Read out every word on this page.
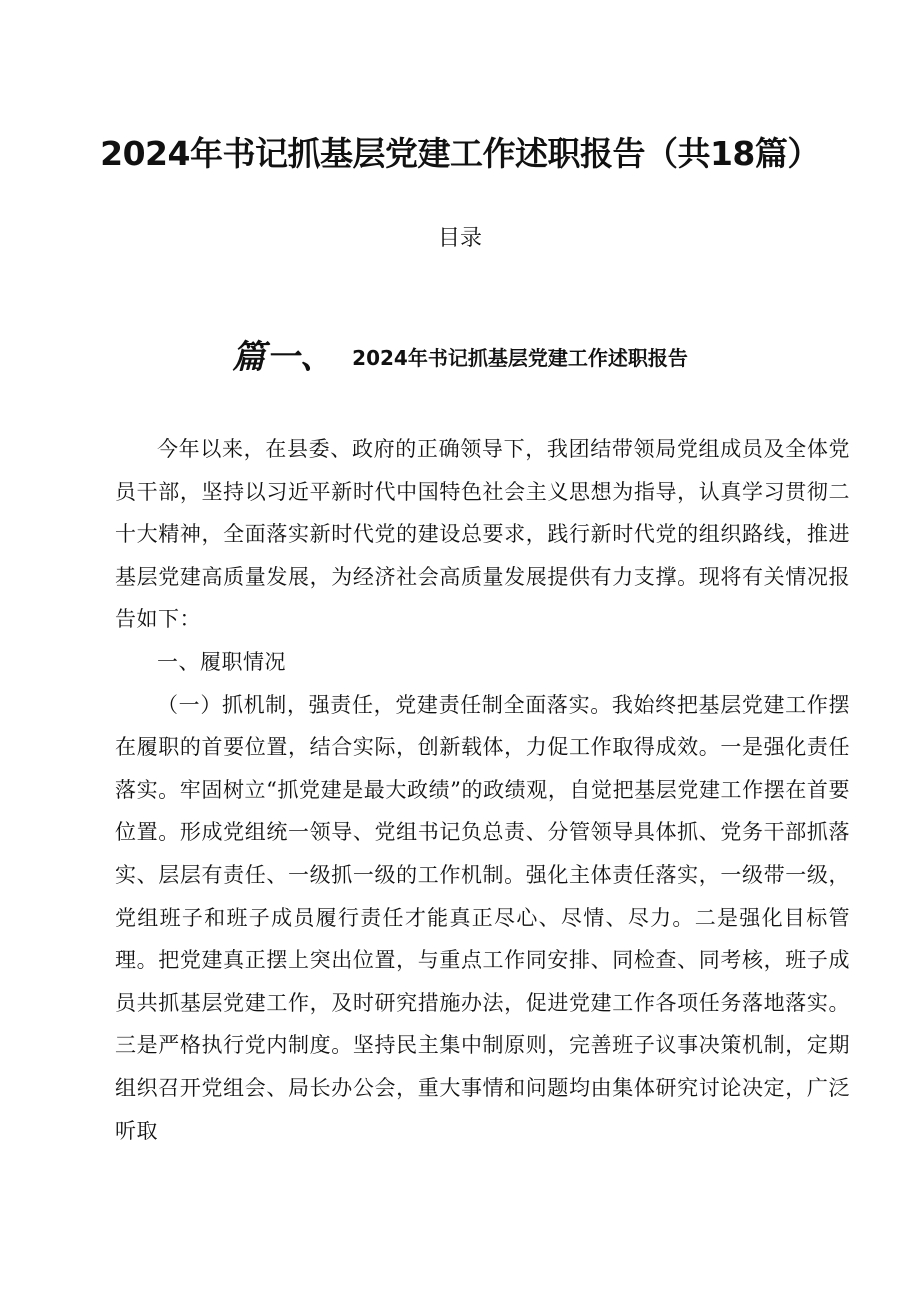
2024年书记抓基层党建工作述职报告（共18篇）
目录
篇一、 2024年书记抓基层党建工作述职报告

今年以来，在县委、政府的正确领导下，我团结带领局党组成员及全体党员干部，坚持以习近平新时代中国特色社会主义思想为指导，认真学习贯彻二十大精神，全面落实新时代党的建设总要求，践行新时代党的组织路线，推进基层党建高质量发展，为经济社会高质量发展提供有力支撑。现将有关情况报告如下：

一、履职情况

（一）抓机制，强责任，党建责任制全面落实。我始终把基层党建工作摆在履职的首要位置，结合实际，创新载体，力促工作取得成效。一是强化责任落实。牢固树立“抓党建是最大政绩”的政绩观，自觉把基层党建工作摆在首要位置。形成党组统一领导、党组书记负总责、分管领导具体抓、党务干部抓落实、层层有责任、一级抓一级的工作机制。强化主体责任落实，一级带一级，党组班子和班子成员履行责任才能真正尽心、尽情、尽力。二是强化目标管理。把党建真正摆上突出位置，与重点工作同安排、同检查、同考核，班子成员共抓基层党建工作，及时研究措施办法，促进党建工作各项任务落地落实。三是严格执行党内制度。坚持民主集中制原则，完善班子议事决策机制，定期组织召开党组会、局长办公会，重大事情和问题均由集体研究讨论决定，广泛听取
